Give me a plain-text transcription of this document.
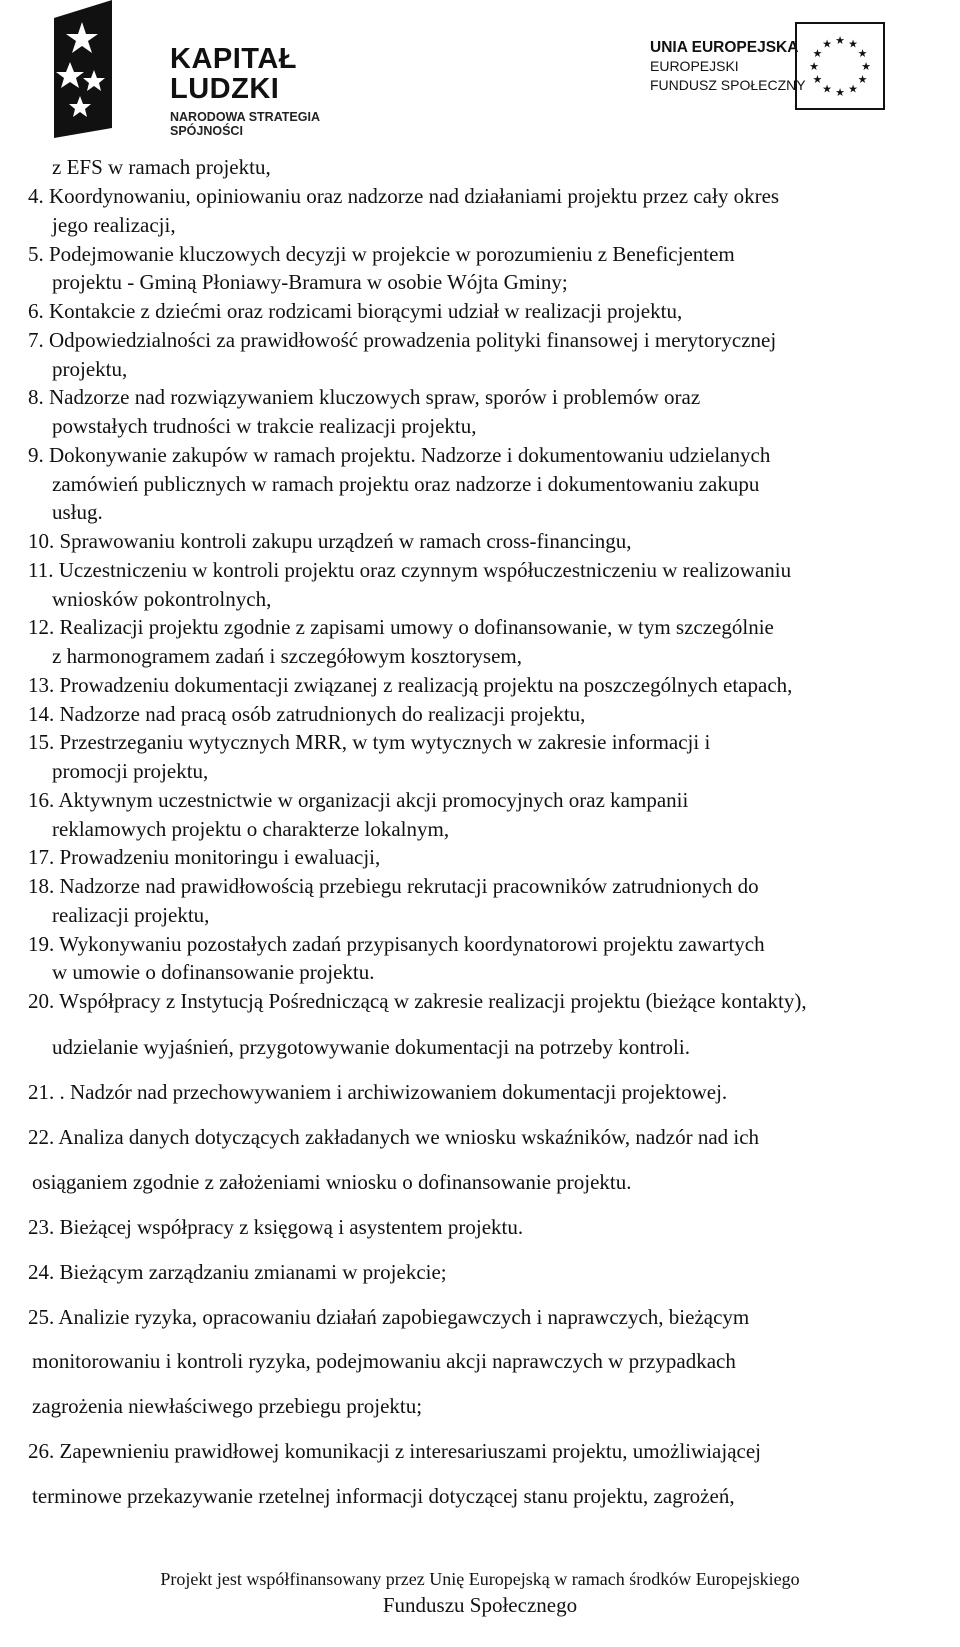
KAPITAŁ LUDZKI
NARODOWA STRATEGIA SPÓJNOŚCI
UNIA EUROPEJSKA
EUROPEJSKI
FUNDUSZ SPOŁECZNY
★ ★
★
★
★
★
★
★
★
★
★
★
z EFS w ramach projektu,
4. Koordynowaniu, opiniowaniu oraz nadzorze nad działaniami projektu przez cały okres
jego realizacji,
5. Podejmowanie kluczowych decyzji w projekcie w porozumieniu z Beneficjentem
projektu - Gminą Płoniawy-Bramura w osobie Wójta Gminy;
6. Kontakcie z dziećmi oraz rodzicami biorącymi udział w realizacji projektu,
7. Odpowiedzialności za prawidłowość prowadzenia polityki finansowej i merytorycznej
projektu,
8. Nadzorze nad rozwiązywaniem kluczowych spraw, sporów i problemów oraz
powstałych trudności w trakcie realizacji projektu,
9. Dokonywanie zakupów w ramach projektu. Nadzorze i dokumentowaniu udzielanych
zamówień publicznych w ramach projektu oraz nadzorze i dokumentowaniu zakupu
usług.
10. Sprawowaniu kontroli zakupu urządzeń w ramach cross-financingu,
11. Uczestniczeniu w kontroli projektu oraz czynnym współuczestniczeniu w realizowaniu
wniosków pokontrolnych,
12. Realizacji projektu zgodnie z zapisami umowy o dofinansowanie, w tym szczególnie
z harmonogramem zadań i szczegółowym kosztorysem,
13. Prowadzeniu dokumentacji związanej z realizacją projektu na poszczególnych etapach,
14. Nadzorze nad pracą osób zatrudnionych do realizacji projektu,
15. Przestrzeganiu wytycznych MRR, w tym wytycznych w zakresie informacji i
promocji projektu,
16. Aktywnym uczestnictwie w organizacji akcji promocyjnych oraz kampanii
reklamowych projektu o charakterze lokalnym,
17. Prowadzeniu monitoringu i ewaluacji,
18. Nadzorze nad prawidłowością przebiegu rekrutacji pracowników zatrudnionych do
realizacji projektu,
19. Wykonywaniu pozostałych zadań przypisanych koordynatorowi projektu zawartych
w umowie o dofinansowanie projektu.
20. Współpracy z Instytucją Pośredniczącą w zakresie realizacji projektu (bieżące kontakty),
udzielanie wyjaśnień, przygotowywanie dokumentacji na potrzeby kontroli.
21. . Nadzór nad przechowywaniem i archiwizowaniem dokumentacji projektowej.
22. Analiza danych dotyczących zakładanych we wniosku wskaźników, nadzór nad ich
osiąganiem zgodnie z założeniami wniosku o dofinansowanie projektu.
23. Bieżącej współpracy z księgową i asystentem projektu.
24. Bieżącym zarządzaniu zmianami w projekcie;
25. Analizie ryzyka, opracowaniu działań zapobiegawczych i naprawczych, bieżącym
monitorowaniu i kontroli ryzyka, podejmowaniu akcji naprawczych w przypadkach
zagrożenia niewłaściwego przebiegu projektu;
26. Zapewnieniu prawidłowej komunikacji z interesariuszami projektu, umożliwiającej
terminowe przekazywanie rzetelnej informacji dotyczącej stanu projektu, zagrożeń,
Projekt jest współfinansowany przez Unię Europejską w ramach środków Europejskiego
Funduszu Społecznego
